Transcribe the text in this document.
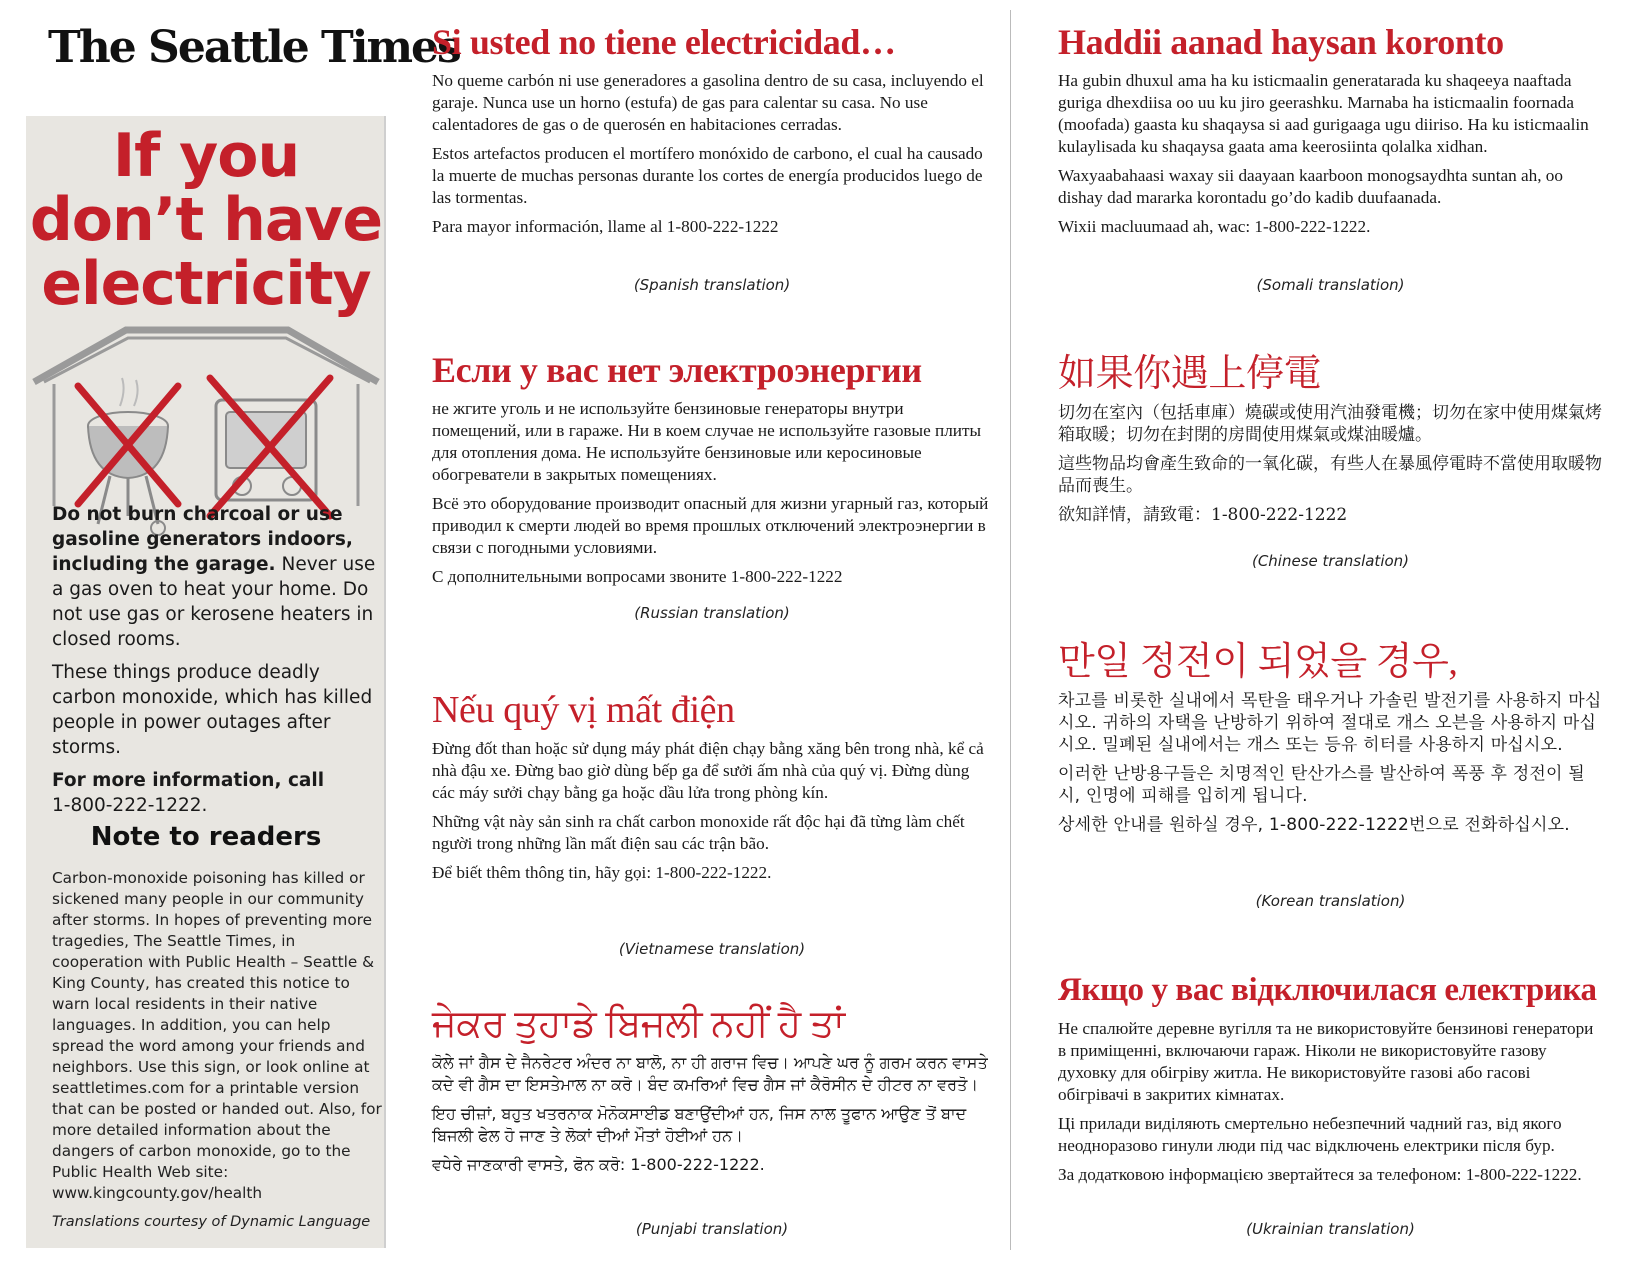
The Seattle Times
If you
don’t have
electricity

Do not burn charcoal or use gasoline generators indoors, including the garage. Never use a gas oven to heat your home. Do not use gas or kerosene heaters in closed rooms.

These things produce deadly carbon monoxide, which has killed people in power outages after storms.

For more information, call
1-800-222-1222.

Note to readers
Carbon-monoxide poisoning has killed or sickened many people in our community after storms. In hopes of preventing more tragedies, The Seattle Times, in cooperation with Public Health – Seattle & King County, has created this notice to warn local residents in their native languages. In addition, you can help spread the word among your friends and neighbors. Use this sign, or look online at seattletimes.com for a printable version that can be posted or handed out. Also, for more detailed information about the dangers of carbon monoxide, go to the Public Health Web site: www.kingcounty.gov/health
Translations courtesy of Dynamic Language
Si usted no tiene electricidad…
No queme carbón ni use generadores a gasolina dentro de su casa, incluyendo el garaje. Nunca use un horno (estufa) de gas para calentar su casa. No use calentadores de gas o de querosén en habitaciones cerradas.
Estos artefactos producen el mortífero monóxido de carbono, el cual ha causado la muerte de muchas personas durante los cortes de energía producidos luego de las tormentas.
Para mayor información, llame al 1-800-222-1222
(Spanish translation)
Если у вас нет электроэнергии
не жгите уголь и не используйте бензиновые генераторы внутри помещений, или в гараже. Ни в коем случае не используйте газовые плиты для отопления дома. Не используйте бензиновые или керосиновые обогреватели в закрытых помещениях.
Всё это оборудование производит опасный для жизни угарный газ, который приводил к смерти людей во время прошлых отключений электроэнергии в связи с погодными условиями.
С дополнительными вопросами звоните 1-800-222-1222
(Russian translation)
Nếu quý vị mất điện
Đừng đốt than hoặc sử dụng máy phát điện chạy bằng xăng bên trong nhà, kể cả nhà đậu xe. Đừng bao giờ dùng bếp ga để sưởi ấm nhà của quý vị. Đừng dùng các máy sưởi chạy bằng ga hoặc dầu lửa trong phòng kín.
Những vật này sản sinh ra chất carbon monoxide rất độc hại đã từng làm chết người trong những lần mất điện sau các trận bão.
Để biết thêm thông tin, hãy gọi: 1-800-222-1222.
(Vietnamese translation)
ਜੇਕਰ ਤੁਹਾਡੇ ਬਿਜਲੀ ਨਹੀਂ ਹੈ ਤਾਂ
ਕੋਲੇ ਜਾਂ ਗੈਸ ਦੇ ਜੈਨਰੇਟਰ ਅੰਦਰ ਨਾ ਬਾਲੋ, ਨਾ ਹੀ ਗਰਾਜ ਵਿਚ। ਆਪਣੇ ਘਰ ਨੂੰ ਗਰਮ ਕਰਨ ਵਾਸਤੇ ਕਦੇ ਵੀ ਗੈਸ ਦਾ ਇਸਤੇਮਾਲ ਨਾ ਕਰੋ। ਬੰਦ ਕਮਰਿਆਂ ਵਿਚ ਗੈਸ ਜਾਂ ਕੈਰੋਸੀਨ ਦੇ ਹੀਟਰ ਨਾ ਵਰਤੋ।
ਇਹ ਚੀਜ਼ਾਂ, ਬਹੁਤ ਖਤਰਨਾਕ ਮੋਨੋਕਸਾਈਡ ਬਣਾਉਂਦੀਆਂ ਹਨ, ਜਿਸ ਨਾਲ ਤੂਫਾਨ ਆਉਣ ਤੋਂ ਬਾਦ ਬਿਜਲੀ ਫੇਲ ਹੋ ਜਾਣ ਤੇ ਲੋਕਾਂ ਦੀਆਂ ਮੌਤਾਂ ਹੋਈਆਂ ਹਨ।
ਵਧੇਰੇ ਜਾਣਕਾਰੀ ਵਾਸਤੇ, ਫੋਨ ਕਰੋ: 1-800-222-1222.
(Punjabi translation)
Haddii aanad haysan koronto
Ha gubin dhuxul ama ha ku isticmaalin generatarada ku shaqeeya naaftada guriga dhexdiisa oo uu ku jiro geerashku. Marnaba ha isticmaalin foornada (moofada) gaasta ku shaqaysa si aad gurigaaga ugu diiriso. Ha ku isticmaalin kulaylisada ku shaqaysa gaata ama keerosiinta qolalka xidhan.
Waxyaabahaasi waxay sii daayaan kaarboon monogsaydhta suntan ah, oo dishay dad mararka korontadu go’do kadib duufaanada.
Wixii macluumaad ah, wac: 1-800-222-1222.
(Somali translation)
如果你遇上停電
切勿在室內（包括車庫）燒碳或使用汽油發電機；切勿在家中使用煤氣烤箱取暖；切勿在封閉的房間使用煤氣或煤油暖爐。
這些物品均會產生致命的一氧化碳，有些人在暴風停電時不當使用取暖物品而喪生。
欲知詳情，請致電：1-800-222-1222
(Chinese translation)
만일 정전이 되었을 경우,
차고를 비롯한 실내에서 목탄을 태우거나 가솔린 발전기를 사용하지 마십시오. 귀하의 자택을 난방하기 위하여 절대로 개스 오븐을 사용하지 마십시오. 밀폐된 실내에서는 개스 또는 등유 히터를 사용하지 마십시오.
이러한 난방용구들은 치명적인 탄산가스를 발산하여 폭풍 후 정전이 될 시, 인명에 피해를 입히게 됩니다.
상세한 안내를 원하실 경우, 1-800-222-1222번으로 전화하십시오.
(Korean translation)
Якщо у вас відключилася електрика
Не спалюйте деревне вугілля та не використовуйте бензинові генератори в приміщенні, включаючи гараж. Ніколи не використовуйте газову духовку для обігріву житла. Не використовуйте газові або гасові обігрівачі в закритих кімнатах.
Ці прилади виділяють смертельно небезпечний чадний газ, від якого неодноразово гинули люди під час відключень електрики після бур.
За додатковою інформацією звертайтеся за телефоном: 1-800-222-1222.
(Ukrainian translation)
